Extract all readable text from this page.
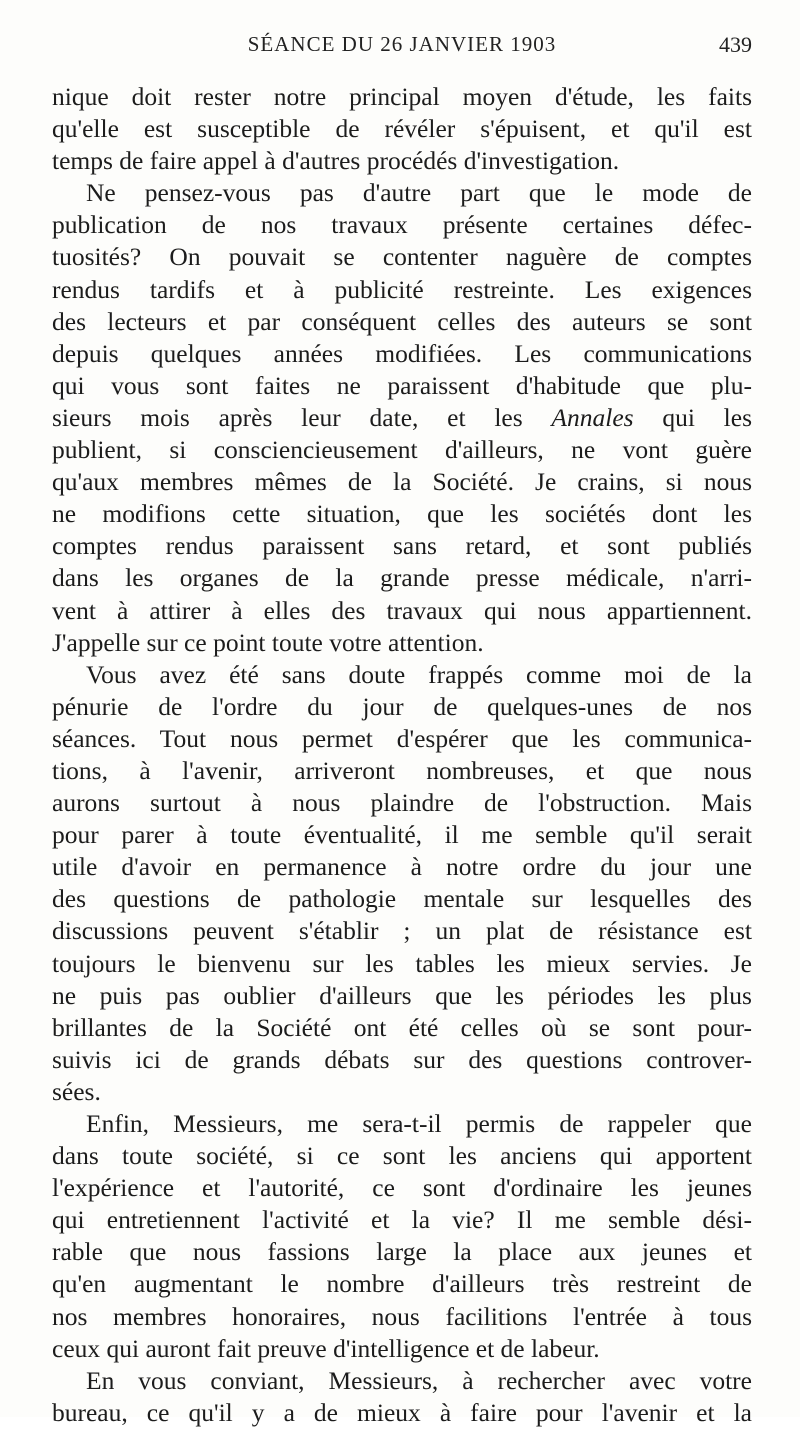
SÉANCE DU 26 JANVIER 1903	439
nique doit rester notre principal moyen d'étude, les faits
qu'elle est susceptible de révéler s'épuisent, et qu'il est
temps de faire appel à d'autres procédés d'investigation.
Ne pensez-vous pas d'autre part que le mode de
publication de nos travaux présente certaines défec-
tuosités? On pouvait se contenter naguère de comptes
rendus tardifs et à publicité restreinte. Les exigences
des lecteurs et par conséquent celles des auteurs se sont
depuis quelques années modifiées. Les communications
qui vous sont faites ne paraissent d'habitude que plu-
sieurs mois après leur date, et les Annales qui les
publient, si consciencieusement d'ailleurs, ne vont guère
qu'aux membres mêmes de la Société. Je crains, si nous
ne modifions cette situation, que les sociétés dont les
comptes rendus paraissent sans retard, et sont publiés
dans les organes de la grande presse médicale, n'arri-
vent à attirer à elles des travaux qui nous appartiennent.
J'appelle sur ce point toute votre attention.
Vous avez été sans doute frappés comme moi de la
pénurie de l'ordre du jour de quelques-unes de nos
séances. Tout nous permet d'espérer que les communica-
tions, à l'avenir, arriveront nombreuses, et que nous
aurons surtout à nous plaindre de l'obstruction. Mais
pour parer à toute éventualité, il me semble qu'il serait
utile d'avoir en permanence à notre ordre du jour une
des questions de pathologie mentale sur lesquelles des
discussions peuvent s'établir ; un plat de résistance est
toujours le bienvenu sur les tables les mieux servies. Je
ne puis pas oublier d'ailleurs que les périodes les plus
brillantes de la Société ont été celles où se sont pour-
suivis ici de grands débats sur des questions controver-
sées.
Enfin, Messieurs, me sera-t-il permis de rappeler que
dans toute société, si ce sont les anciens qui apportent
l'expérience et l'autorité, ce sont d'ordinaire les jeunes
qui entretiennent l'activité et la vie? Il me semble dési-
rable que nous fassions large la place aux jeunes et
qu'en augmentant le nombre d'ailleurs très restreint de
nos membres honoraires, nous facilitions l'entrée à tous
ceux qui auront fait preuve d'intelligence et de labeur.
En vous conviant, Messieurs, à rechercher avec votre
bureau, ce qu'il y a de mieux à faire pour l'avenir et la
